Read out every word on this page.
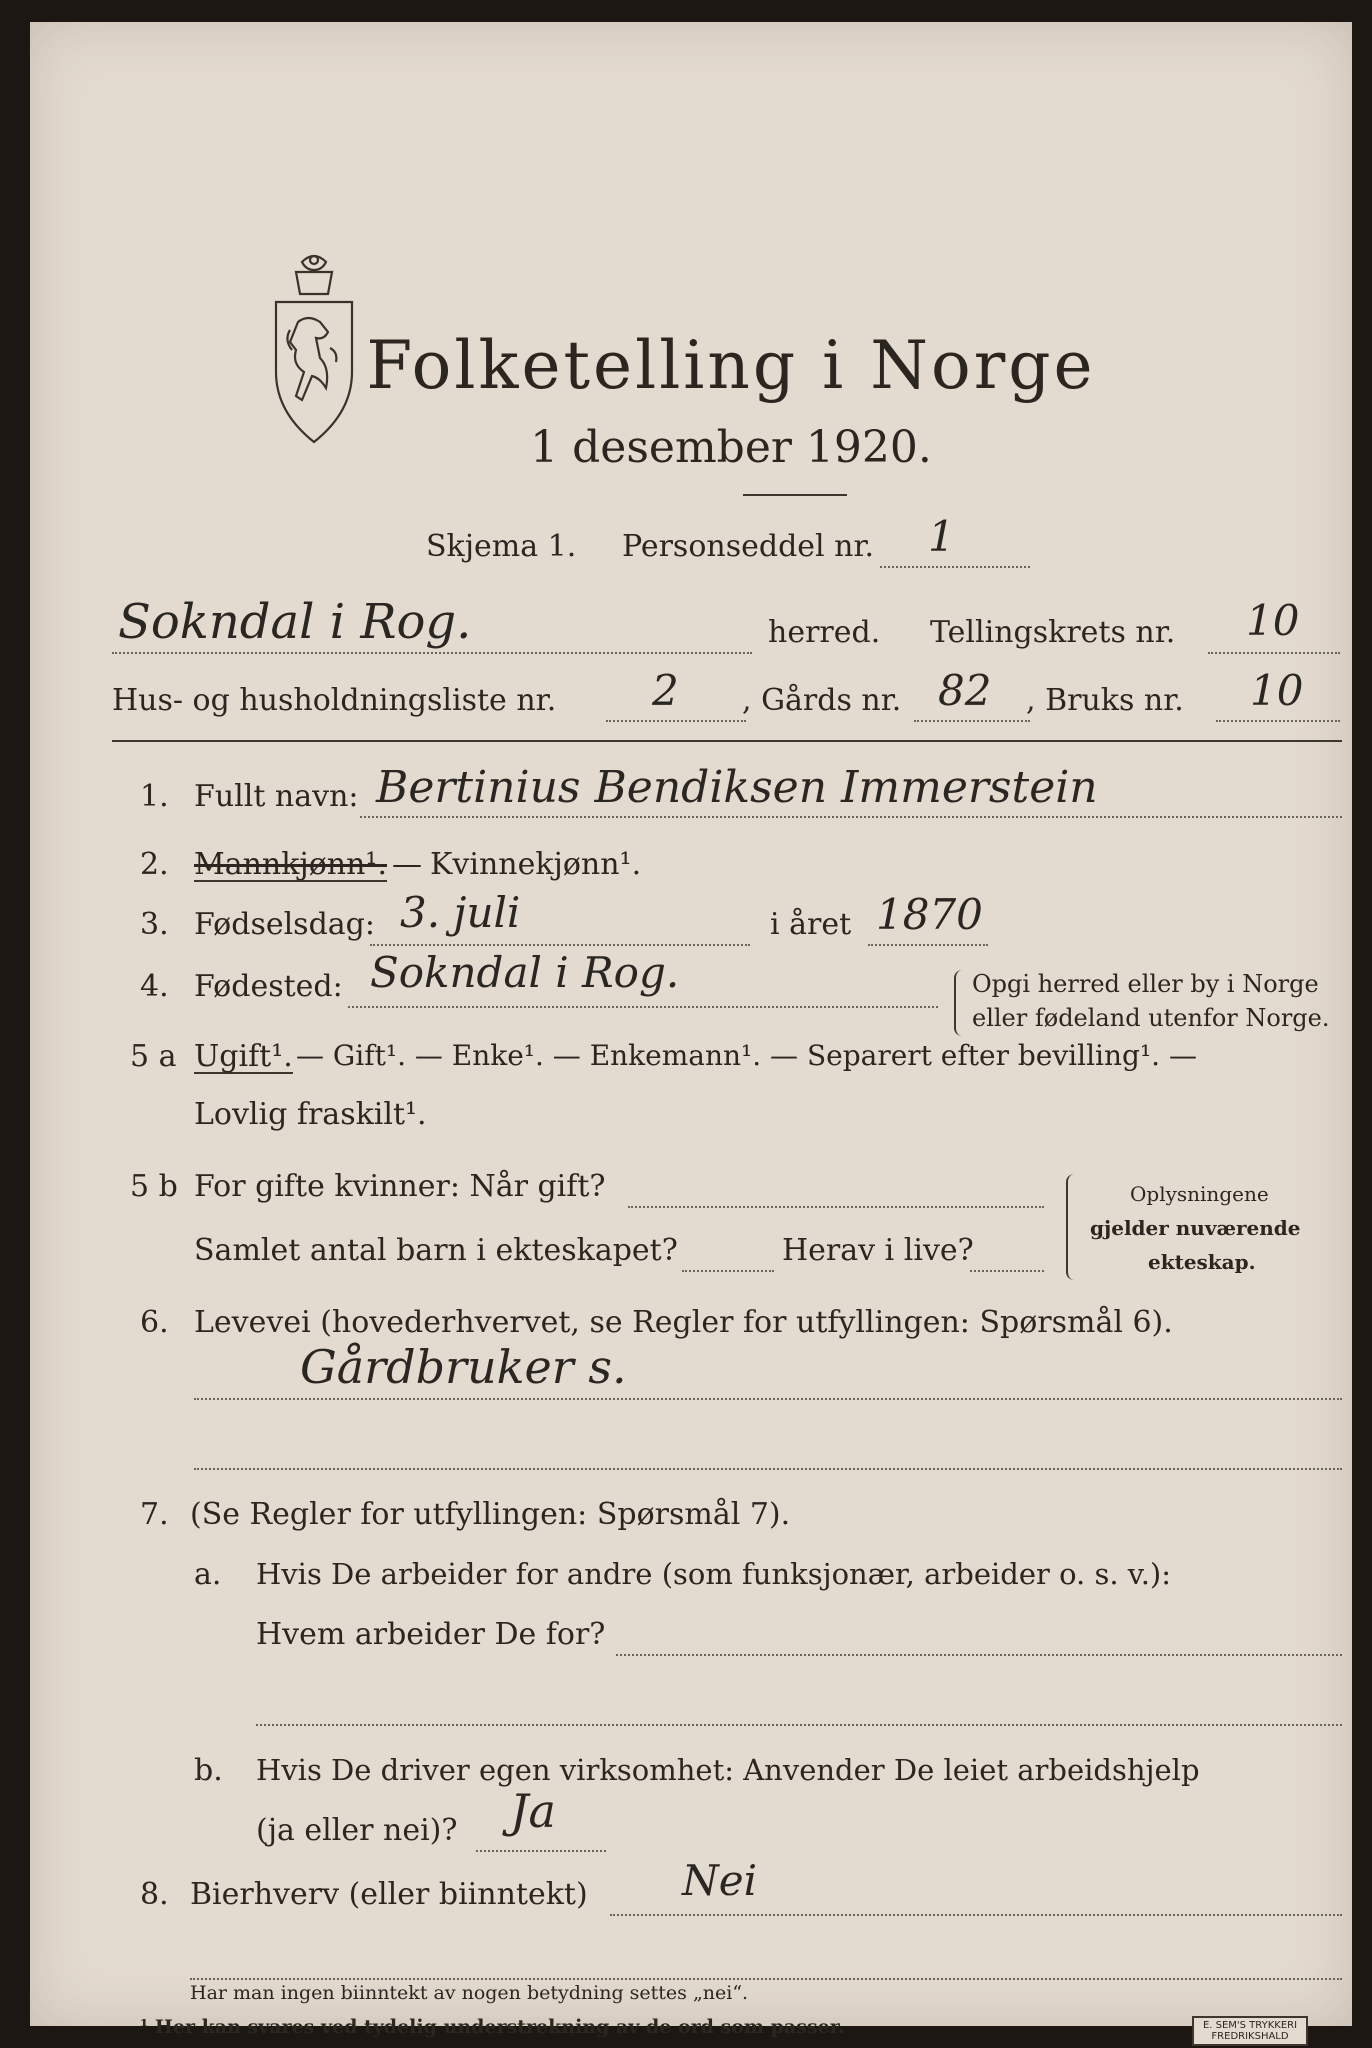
Folketelling i Norge
1 desember 1920.
Skjema 1. Personseddel nr. 1
Sokndal i Rog.	herred. Tellingskrets nr. 10
Hus- og husholdningsliste nr. 2 , Gårds nr. 82 , Bruks nr. 10
1. Fullt navn: Bertinius Bendiksen Immerstein
2. Mannkjønn¹. — Kvinnekjønn¹.
3. Fødselsdag: 3. juli	i året 1870
4. Fødested: Sokndal i Rog.	Opgi herred eller by i Norge
eller fødeland utenfor Norge.
5 a Ugift¹. — Gift¹. — Enke¹. — Enkemann¹. — Separert efter bevilling¹. —
Lovlig fraskilt¹.
5 b For gifte kvinner: Når gift?
Samlet antal barn i ekteskapet?	Herav i live?
Oplysningene
gjelder nuværende
ekteskap.
6. Levevei (hovederhvervet, se Regler for utfyllingen: Spørsmål 6).
Gårdbruker s.
7. (Se Regler for utfyllingen: Spørsmål 7).
a. Hvis De arbeider for andre (som funksjonær, arbeider o. s. v.):
Hvem arbeider De for?
b. Hvis De driver egen virksomhet: Anvender De leiet arbeidshjelp
(ja eller nei)? Ja
8. Bierhverv (eller biinntekt) Nei
Har man ingen biinntekt av nogen betydning settes „nei“.
¹ Her kan svares ved tydelig understrekning av de ord som passer.	E. SEM'S TRYKKERI
FREDRIKSHALD
